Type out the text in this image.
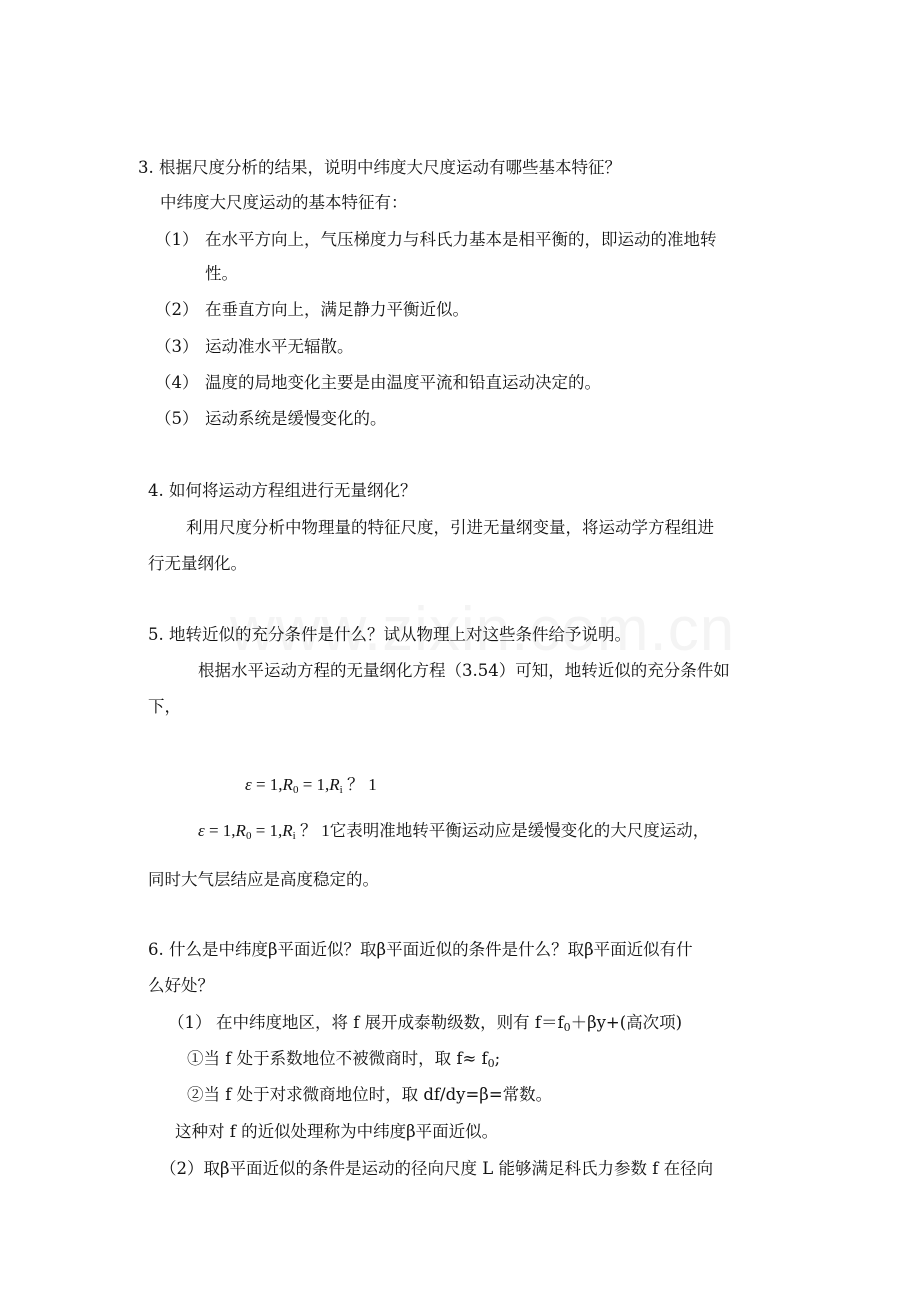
3. 根据尺度分析的结果，说明中纬度大尺度运动有哪些基本特征？
中纬度大尺度运动的基本特征有：
（1） 在水平方向上，气压梯度力与科氏力基本是相平衡的，即运动的准地转
性。
（2） 在垂直方向上，满足静力平衡近似。
（3） 运动准水平无辐散。
（4） 温度的局地变化主要是由温度平流和铅直运动决定的。
（5） 运动系统是缓慢变化的。
4. 如何将运动方程组进行无量纲化？
利用尺度分析中物理量的特征尺度，引进无量纲变量，将运动学方程组进
行无量纲化。
5. 地转近似的充分条件是什么？试从物理上对这些条件给予说明。
根据水平运动方程的无量纲化方程（3.54）可知，地转近似的充分条件如
下，
$\varepsilon = 1,R_0 = 1,R_i$ ？ 1
$\varepsilon = 1,R_0 = 1,R_i$ ？ 1它表明准地转平衡运动应是缓慢变化的大尺度运动，
同时大气层结应是高度稳定的。
6. 什么是中纬度β平面近似？取β平面近似的条件是什么？取β平面近似有什
么好处？
（1） 在中纬度地区，将 f 展开成泰勒级数，则有 $f=f_0+\beta y+$(高次项)
①当 f 处于系数地位不被微商时，取 $f\approx f_0$;
②当 f 处于对求微商地位时，取 df/dy=β=常数。
这种对 f 的近似处理称为中纬度β平面近似。
（2）取β平面近似的条件是运动的径向尺度 L 能够满足科氏力参数 f 在径向
